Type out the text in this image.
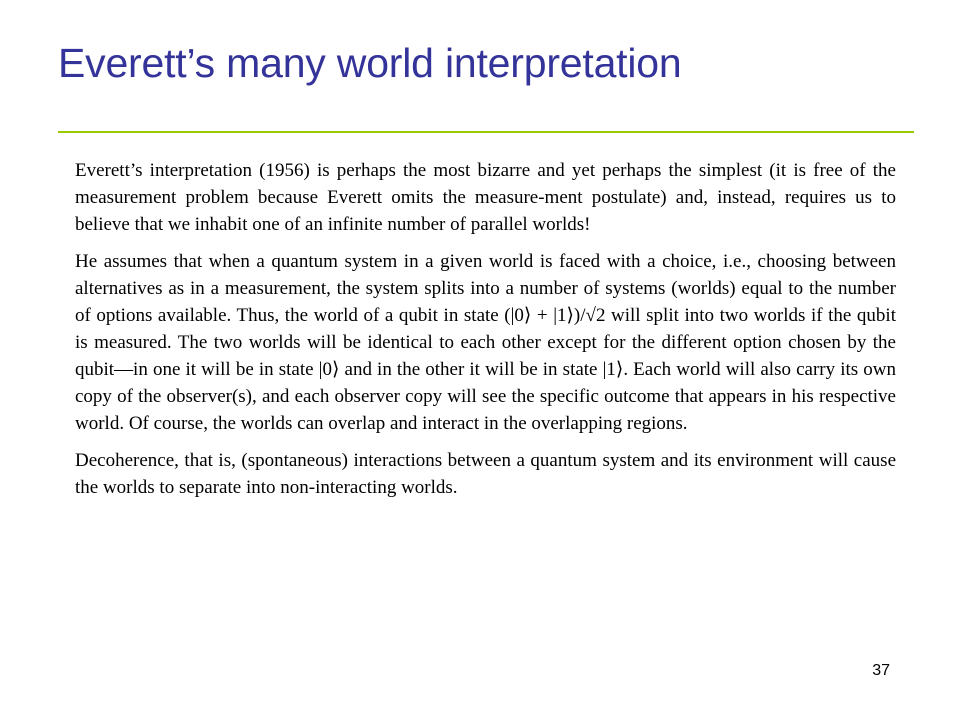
Everett’s many world interpretation

Everett’s interpretation (1956) is perhaps the most bizarre and yet perhaps the simplest (it is free of the measurement problem because Everett omits the measure-ment postulate) and, instead, requires us to believe that we inhabit one of an infinite number of parallel worlds!

He assumes that when a quantum system in a given world is faced with a choice, i.e., choosing between alternatives as in a measurement, the system splits into a number of systems (worlds) equal to the number of options available. Thus, the world of a qubit in state (|0⟩ + |1⟩)/√2 will split into two worlds if the qubit is measured. The two worlds will be identical to each other except for the different option chosen by the qubit—in one it will be in state |0⟩ and in the other it will be in state |1⟩. Each world will also carry its own copy of the observer(s), and each observer copy will see the specific outcome that appears in his respective world. Of course, the worlds can overlap and interact in the overlapping regions.

Decoherence, that is, (spontaneous) interactions between a quantum system and its environment will cause the worlds to separate into non-interacting worlds.

37
